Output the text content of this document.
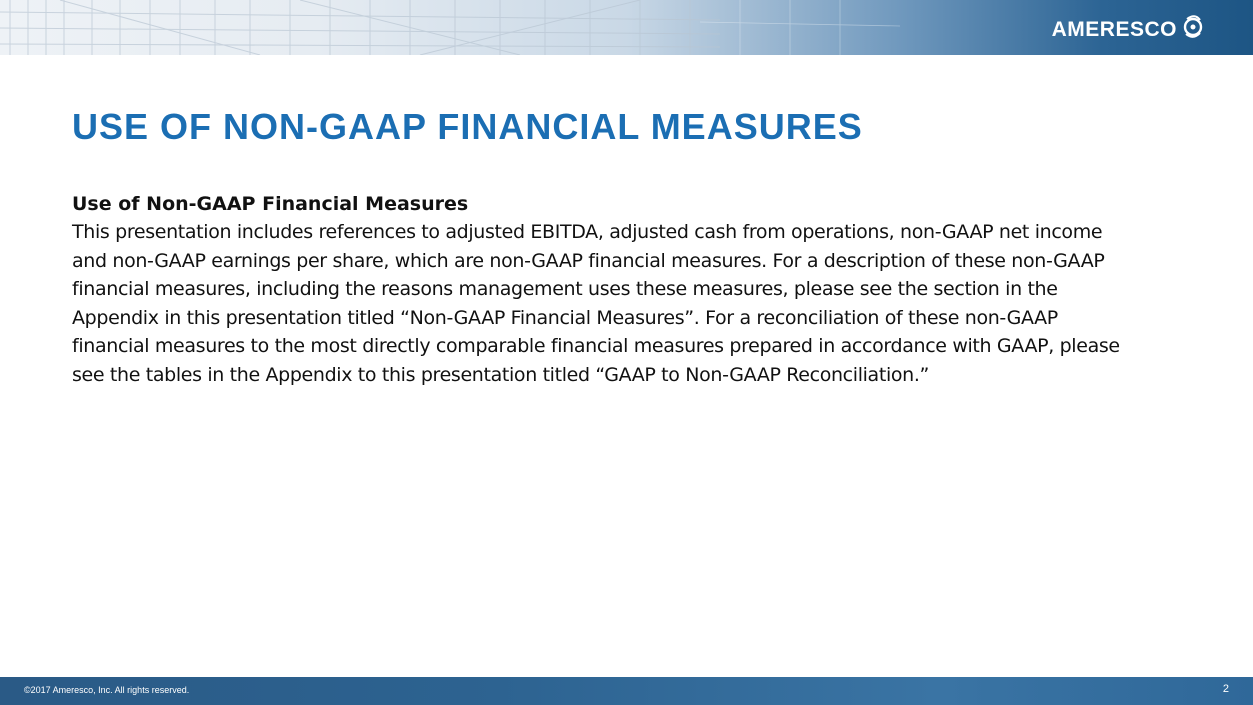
AMERESCO
USE OF NON-GAAP FINANCIAL MEASURES

Use of Non-GAAP Financial Measures

This presentation includes references to adjusted EBITDA, adjusted cash from operations, non-GAAP net income

and non-GAAP earnings per share, which are non-GAAP financial measures. For a description of these non-GAAP

financial measures, including the reasons management uses these measures, please see the section in the

Appendix in this presentation titled “Non-GAAP Financial Measures”. For a reconciliation of these non-GAAP

financial measures to the most directly comparable financial measures prepared in accordance with GAAP, please

see the tables in the Appendix to this presentation titled “GAAP to Non-GAAP Reconciliation.”

©2017 Ameresco, Inc. All rights reserved.	2
